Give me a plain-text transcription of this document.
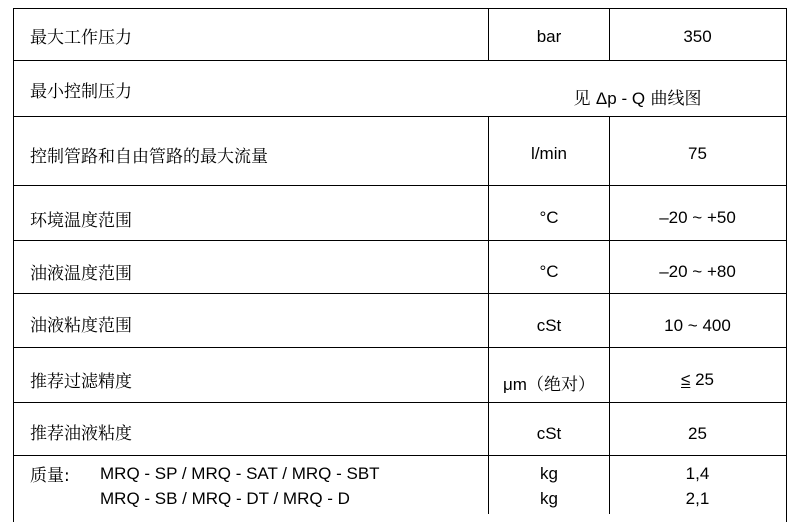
最大工作压力	bar	350
最小控制压力	见 Δp - Q 曲线图
控制管路和自由管路的最大流量	l/min	75
环境温度范围	°C	–20 ~ +50
油液温度范围	°C	–20 ~ +80
油液粘度范围	cSt	10 ~ 400
推荐过滤精度	μm（绝对）	≤ 25
推荐油液粘度	cSt	25
质量: MRQ - SP / MRQ - SAT / MRQ - SBT	kg	1,4
MRQ - SB / MRQ - DT / MRQ - D	kg	2,1
